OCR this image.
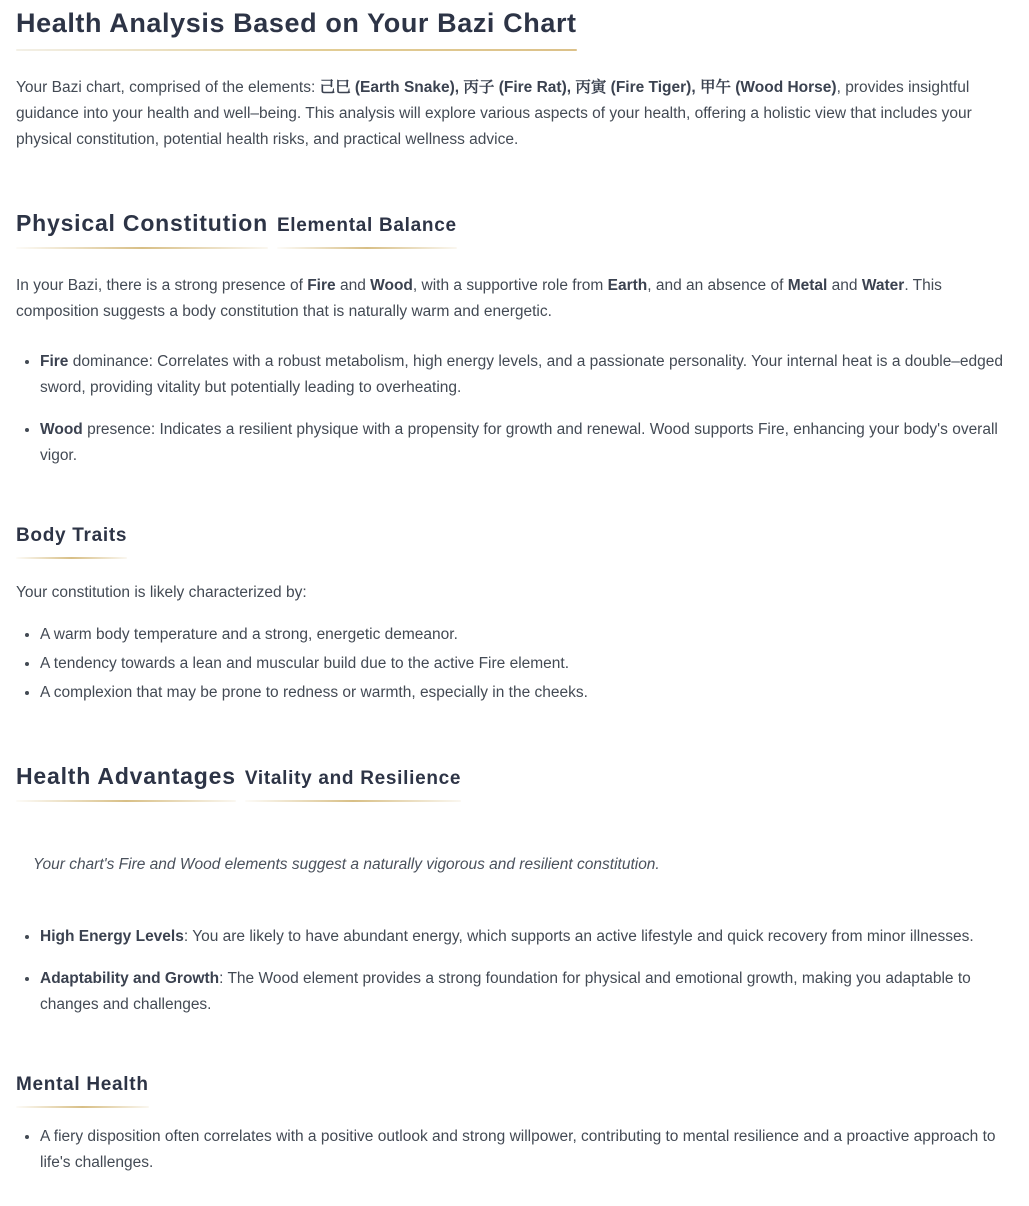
Health Analysis Based on Your Bazi Chart

Your Bazi chart, comprised of the elements: 己巳 (Earth Snake), 丙子 (Fire Rat), 丙寅 (Fire Tiger), 甲午 (Wood Horse), provides insightful guidance into your health and well–being. This analysis will explore various aspects of your health, offering a holistic view that includes your physical constitution, potential health risks, and practical wellness advice.

Physical Constitution Elemental Balance

In your Bazi, there is a strong presence of Fire and Wood, with a supportive role from Earth, and an absence of Metal and Water. This composition suggests a body constitution that is naturally warm and energetic.

• Fire dominance: Correlates with a robust metabolism, high energy levels, and a passionate personality. Your internal heat is a double–edged sword, providing vitality but potentially leading to overheating.
• Wood presence: Indicates a resilient physique with a propensity for growth and renewal. Wood supports Fire, enhancing your body's overall vigor.
Body Traits

Your constitution is likely characterized by:

• A warm body temperature and a strong, energetic demeanor.
• A tendency towards a lean and muscular build due to the active Fire element.
• A complexion that may be prone to redness or warmth, especially in the cheeks.
Health Advantages Vitality and Resilience
Your chart's Fire and Wood elements suggest a naturally vigorous and resilient constitution.
• High Energy Levels: You are likely to have abundant energy, which supports an active lifestyle and quick recovery from minor illnesses.
• Adaptability and Growth: The Wood element provides a strong foundation for physical and emotional growth, making you adaptable to changes and challenges.
Mental Health
• A fiery disposition often correlates with a positive outlook and strong willpower, contributing to mental resilience and a proactive approach to life's challenges.
